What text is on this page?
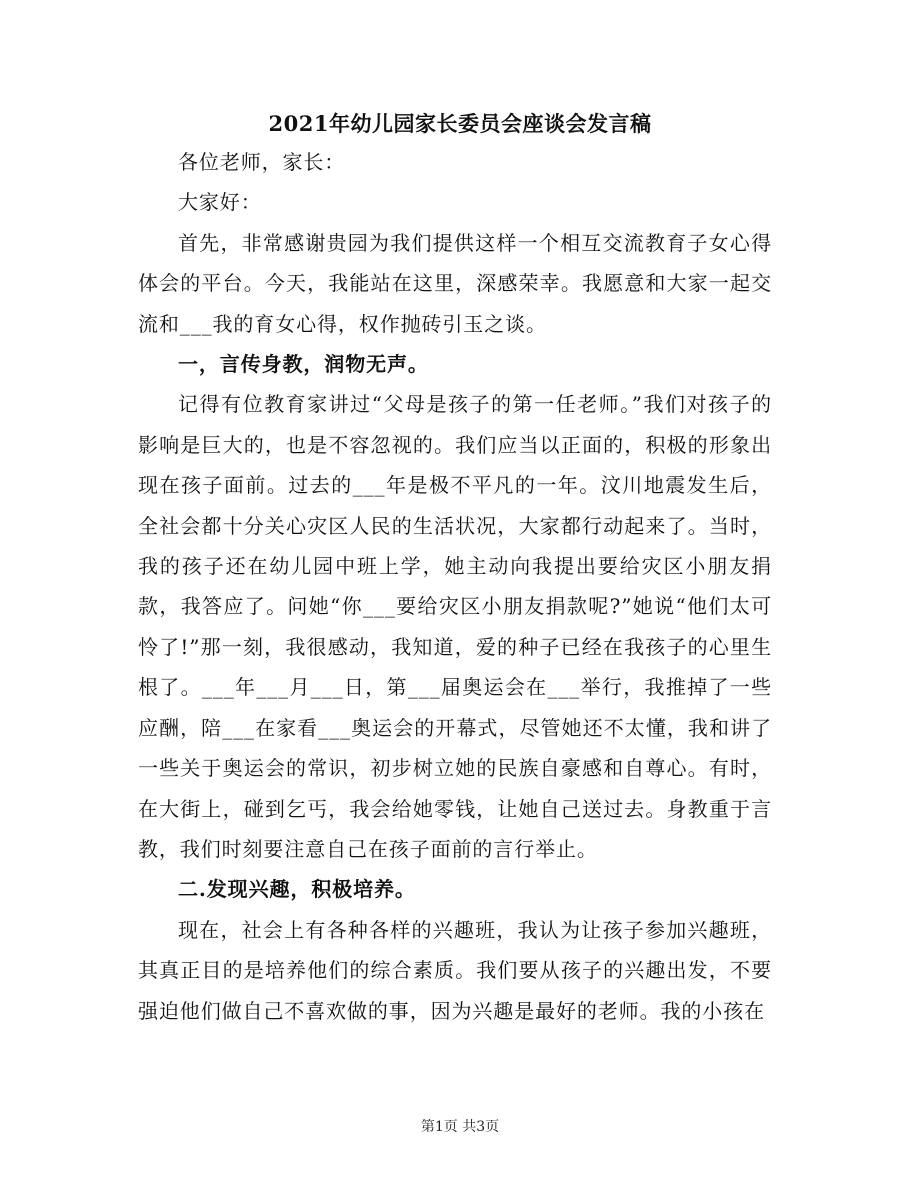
2021年幼儿园家长委员会座谈会发言稿

各位老师，家长：

大家好：

首先，非常感谢贵园为我们提供这样一个相互交流教育子女心得体会的平台。今天，我能站在这里，深感荣幸。我愿意和大家一起交流和___我的育女心得，权作抛砖引玉之谈。

一，言传身教，润物无声。

记得有位教育家讲过“父母是孩子的第一任老师。”我们对孩子的影响是巨大的，也是不容忽视的。我们应当以正面的，积极的形象出现在孩子面前。过去的___年是极不平凡的一年。汶川地震发生后，全社会都十分关心灾区人民的生活状况，大家都行动起来了。当时，我的孩子还在幼儿园中班上学，她主动向我提出要给灾区小朋友捐款，我答应了。问她“你___要给灾区小朋友捐款呢?”她说“他们太可怜了!”那一刻，我很感动，我知道，爱的种子已经在我孩子的心里生根了。___年___月___日，第___届奥运会在___举行，我推掉了一些应酬，陪___在家看___奥运会的开幕式，尽管她还不太懂，我和讲了一些关于奥运会的常识，初步树立她的民族自豪感和自尊心。有时，在大街上，碰到乞丐，我会给她零钱，让她自己送过去。身教重于言教，我们时刻要注意自己在孩子面前的言行举止。

二.发现兴趣，积极培养。

现在，社会上有各种各样的兴趣班，我认为让孩子参加兴趣班，其真正目的是培养他们的综合素质。我们要从孩子的兴趣出发，不要强迫他们做自己不喜欢做的事，因为兴趣是最好的老师。我的小孩在

第1页 共3页
